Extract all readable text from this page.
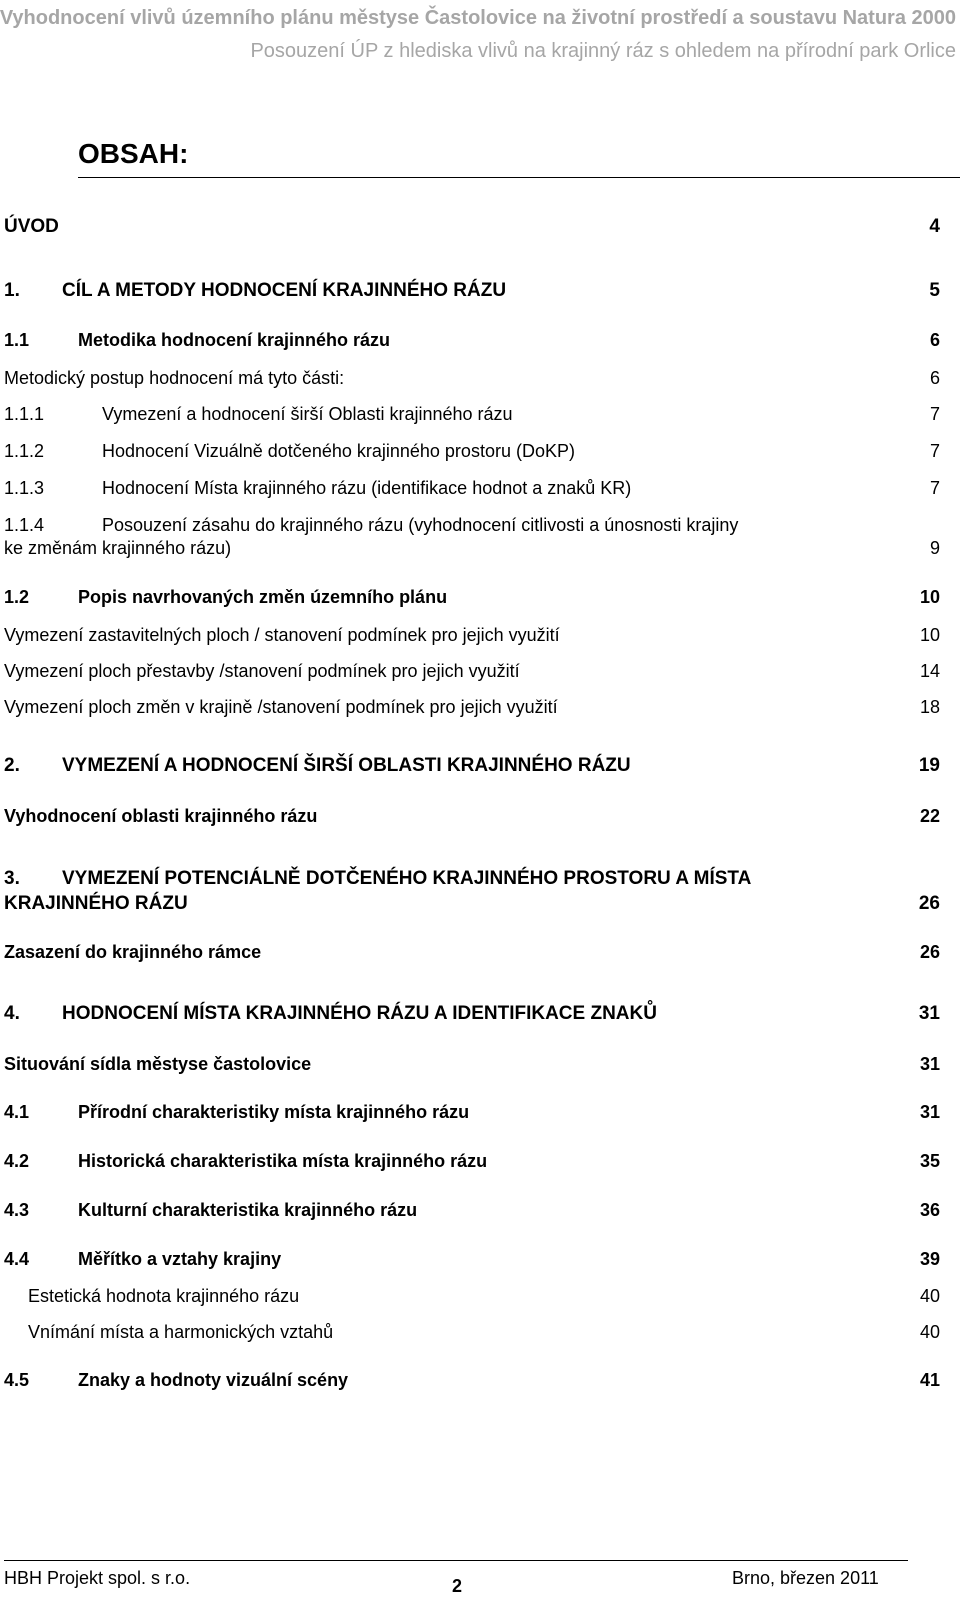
Vyhodnocení vlivů územního plánu městyse Častolovice na životní prostředí a soustavu Natura 2000
Posouzení ÚP z hlediska vlivů na krajinný ráz s ohledem na přírodní park Orlice
OBSAH:
ÚVOD	4
1.	CÍL A METODY HODNOCENÍ KRAJINNÉHO RÁZU	5
1.1	Metodika hodnocení krajinného rázu	6
Metodický postup hodnocení má tyto části:	6
1.1.1	Vymezení a hodnocení širší Oblasti krajinného rázu	7
1.1.2	Hodnocení Vizuálně dotčeného krajinného prostoru (DoKP)	7
1.1.3	Hodnocení Místa krajinného rázu (identifikace hodnot a znaků KR)	7
1.1.4	Posouzení zásahu do krajinného rázu (vyhodnocení citlivosti a únosnosti krajiny
ke změnám krajinného rázu)	9
1.2	Popis navrhovaných změn územního plánu	10
Vymezení zastavitelných ploch / stanovení podmínek pro jejich využití	10
Vymezení ploch přestavby /stanovení podmínek pro jejich využití	14
Vymezení ploch změn v krajině /stanovení podmínek pro jejich využití	18
2.	VYMEZENÍ A HODNOCENÍ ŠIRŠÍ OBLASTI KRAJINNÉHO RÁZU	19
Vyhodnocení oblasti krajinného rázu	22
3.	VYMEZENÍ POTENCIÁLNĚ DOTČENÉHO KRAJINNÉHO PROSTORU A MÍSTA
KRAJINNÉHO RÁZU	26
Zasazení do krajinného rámce	26
4.	HODNOCENÍ MÍSTA KRAJINNÉHO RÁZU A IDENTIFIKACE ZNAKŮ	31
Situování sídla městyse častolovice	31
4.1	Přírodní charakteristiky místa krajinného rázu	31
4.2	Historická charakteristika místa krajinného rázu	35
4.3	Kulturní charakteristika krajinného rázu	36
4.4	Měřítko a vztahy krajiny	39
Estetická hodnota krajinného rázu	40
Vnímání místa a harmonických vztahů	40
4.5	Znaky a hodnoty vizuální scény	41
HBH Projekt spol. s r.o.	2	Brno, březen 2011
